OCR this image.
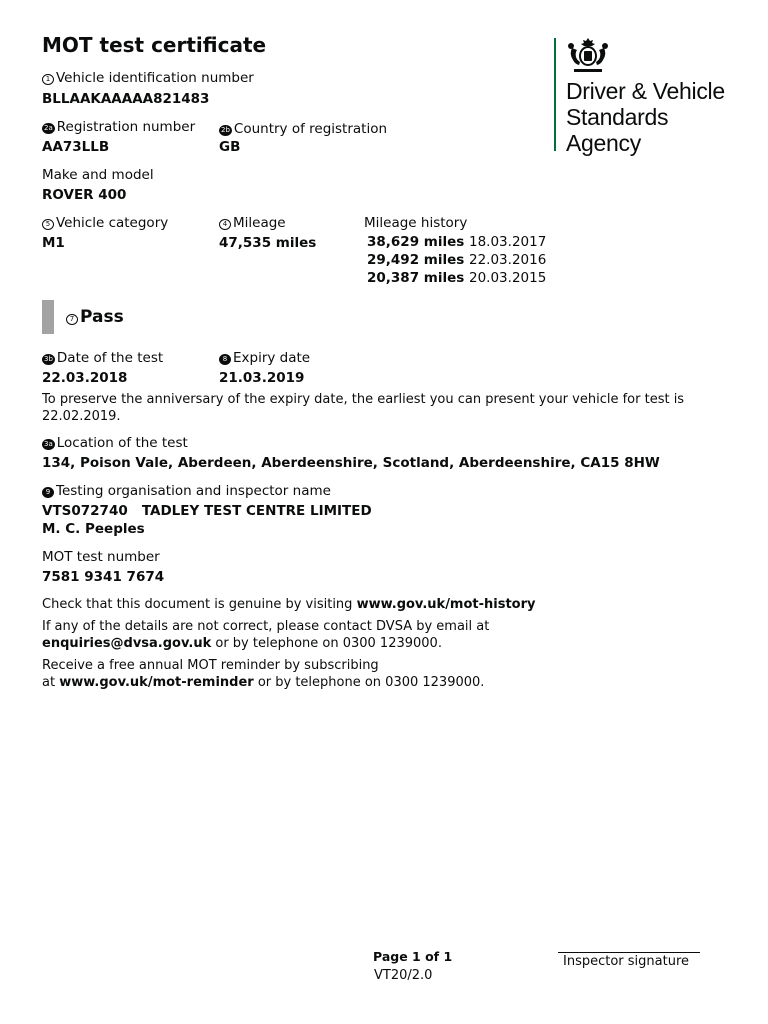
MOT test certificate
Driver & Vehicle
Standards
Agency
1 Vehicle identification number
BLLAAKAAAAA821483
2a Registration number
AA73LLB
2b Country of registration
GB
Make and model
ROVER 400
5 Vehicle category
M1
4 Mileage
47,535 miles
Mileage history
38,629 miles 18.03.2017
29,492 miles 22.03.2016
20,387 miles 20.03.2015
7 Pass
3b Date of the test
22.03.2018
8 Expiry date
21.03.2019
To preserve the anniversary of the expiry date, the earliest you can present your vehicle for test is
22.02.2019.
3a Location of the test
134, Poison Vale, Aberdeen, Aberdeenshire, Scotland, Aberdeenshire, CA15 8HW
9 Testing organisation and inspector name
VTS072740   TADLEY TEST CENTRE LIMITED
M. C. Peeples
MOT test number
7581 9341 7674
Check that this document is genuine by visiting www.gov.uk/mot-history
If any of the details are not correct, please contact DVSA by email at
enquiries@dvsa.gov.uk or by telephone on 0300 1239000.
Receive a free annual MOT reminder by subscribing
at www.gov.uk/mot-reminder or by telephone on 0300 1239000.
Page 1 of 1
VT20/2.0
Inspector signature
